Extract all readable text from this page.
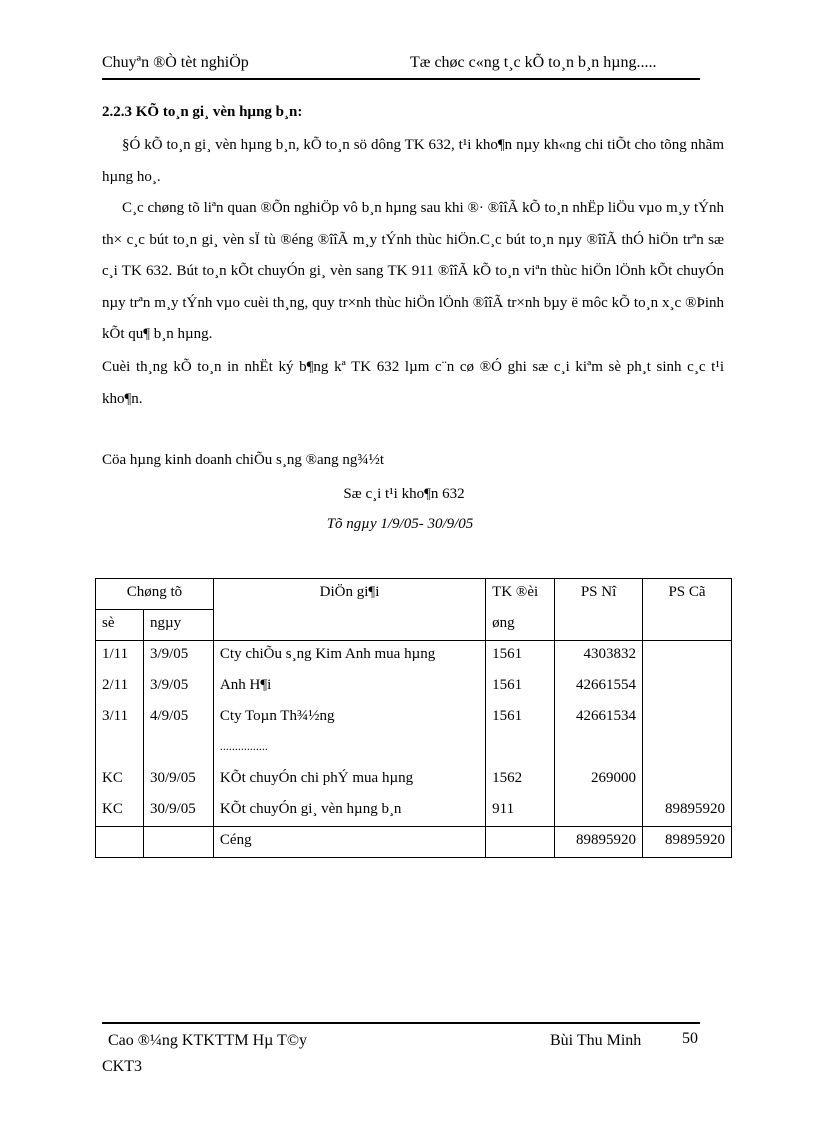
Chuyªn ®Ò tèt nghiÖp	Tæ chøc c«ng t¸c kÕ to¸n b¸n hµng.....
2.2.3 KÕ to¸n gi¸ vèn hµng b¸n:
§Ó kÕ to¸n gi¸ vèn hµng b¸n, kÕ to¸n sö dông TK 632, t¹i kho¶n nµy kh«ng chi tiÕt cho tõng nhãm hµng ho¸.
C¸c chøng tõ liªn quan ®Õn nghiÖp vô b¸n hµng sau khi ®· ®îîÃ kÕ to¸n nhËp liÖu vµo m¸y tÝnh th× c¸c bút to¸n gi¸ vèn sÏ tù ®éng ®îîÃ m¸y tÝnh thùc hiÖn.C¸c bút to¸n nµy ®îîÃ thÓ hiÖn trªn sæ c¸i TK 632. Bút to¸n kÕt chuyÓn gi¸ vèn sang TK 911 ®îîÃ kÕ to¸n viªn thùc hiÖn lÖnh kÕt chuyÓn nµy trªn m¸y tÝnh vµo cuèi th¸ng, quy tr×nh thùc hiÖn lÖnh ®îîÃ tr×nh bµy ë môc kÕ to¸n x¸c ®Þinh kÕt qu¶ b¸n hµng.
Cuèi th¸ng kÕ to¸n in nhËt ký b¶ng kª TK 632 lµm c¨n cø ®Ó ghi sæ c¸i kiªm sè ph¸t sinh c¸c t¹i kho¶n.
Cöa hµng kinh doanh chiÕu s¸ng ®ang ng¾½t
Sæ c¸i t¹i kho¶n 632
Tõ ngµy 1/9/05- 30/9/05
Chøng tõ		DiÖn gi¶i	TK ®èi	PS Nî	PS Cã
sè	ngµy		øng		
1/11	3/9/05	Cty chiÕu s¸ng Kim Anh mua hµng	1561	4303832	
2/11	3/9/05	Anh H¶i	1561	42661554	
3/11	4/9/05	Cty Toµn Th¾½ng	1561	42661534	
		................			
KC	30/9/05	KÕt chuyÓn chi phÝ mua hµng	1562	269000	
KC	30/9/05	KÕt chuyÓn gi¸ vèn hµng b¸n	911		89895920
		Céng		89895920	89895920
Cao ®¼ng KTKTTM Hµ T©y	Bùi Thu Minh	50
CKT3
